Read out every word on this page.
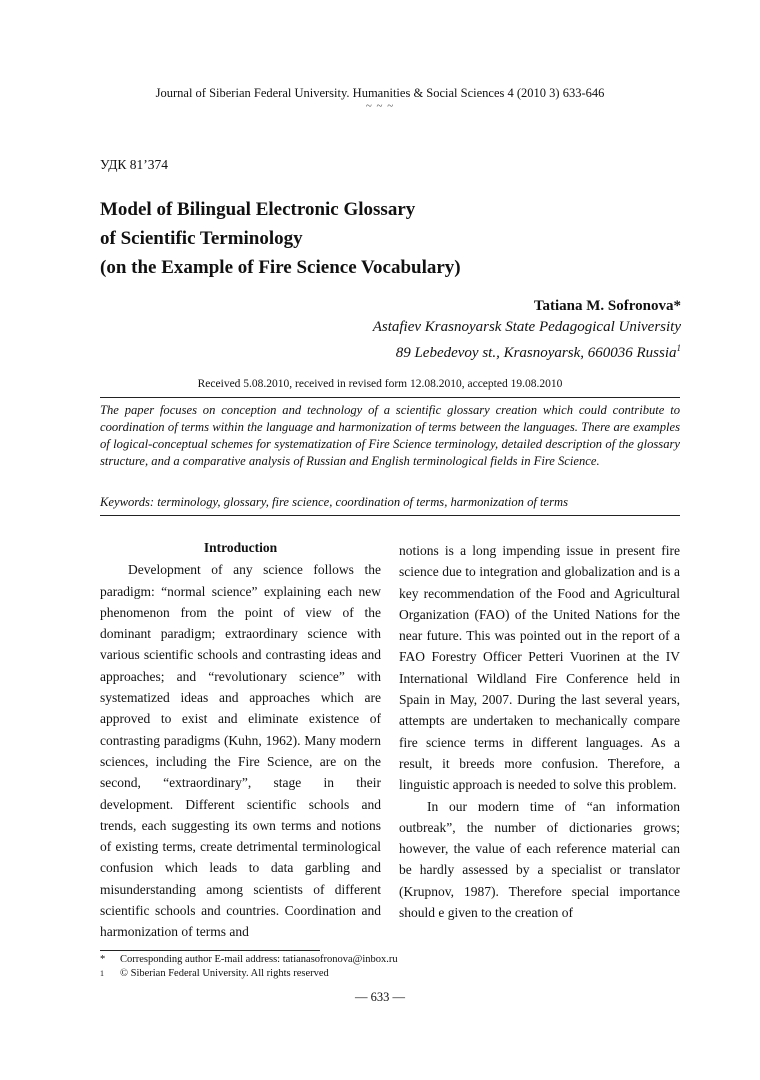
Journal of Siberian Federal University. Humanities & Social Sciences 4 (2010 3) 633-646
~ ~ ~
УДК 81’374
Model of Bilingual Electronic Glossary
of Scientific Terminology
(on the Example of Fire Science Vocabulary)
Tatiana M. Sofronova*
Astafiev Krasnoyarsk State Pedagogical University
89 Lebedevoy st., Krasnoyarsk, 660036 Russia$^1$
Received 5.08.2010, received in revised form 12.08.2010, accepted 19.08.2010
The paper focuses on conception and technology of a scientific glossary creation which could contribute to coordination of terms within the language and harmonization of terms between the languages. There are examples of logical-conceptual schemes for systematization of Fire Science terminology, detailed description of the glossary structure, and a comparative analysis of Russian and English terminological fields in Fire Science.
Keywords: terminology, glossary, fire science, coordination of terms, harmonization of terms

Introduction

Development of any science follows the paradigm: “normal science” explaining each new phenomenon from the point of view of the dominant paradigm; extraordinary science with various scientific schools and contrasting ideas and approaches; and “revolutionary science” with systematized ideas and approaches which are approved to exist and eliminate existence of contrasting paradigms (Kuhn, 1962). Many modern sciences, including the Fire Science, are on the second, “extraordinary”, stage in their development. Different scientific schools and trends, each suggesting its own terms and notions of existing terms, create detrimental terminological confusion which leads to data garbling and misunderstanding among scientists of different scientific schools and countries. Coordination and harmonization of terms and

notions is a long impending issue in present fire science due to integration and globalization and is a key recommendation of the Food and Agricultural Organization (FAO) of the United Nations for the near future. This was pointed out in the report of a FAO Forestry Officer Petteri Vuorinen at the IV International Wildland Fire Conference held in Spain in May, 2007. During the last several years, attempts are undertaken to mechanically compare fire science terms in different languages. As a result, it breeds more confusion. Therefore, a linguistic approach is needed to solve this problem.

In our modern time of “an information outbreak”, the number of dictionaries grows; however, the value of each reference material can be hardly assessed by a specialist or translator (Krupnov, 1987). Therefore special importance should e given to the creation of

* Corresponding author E-mail address: tatianasofronova@inbox.ru
1 © Siberian Federal University. All rights reserved
— 633 —
